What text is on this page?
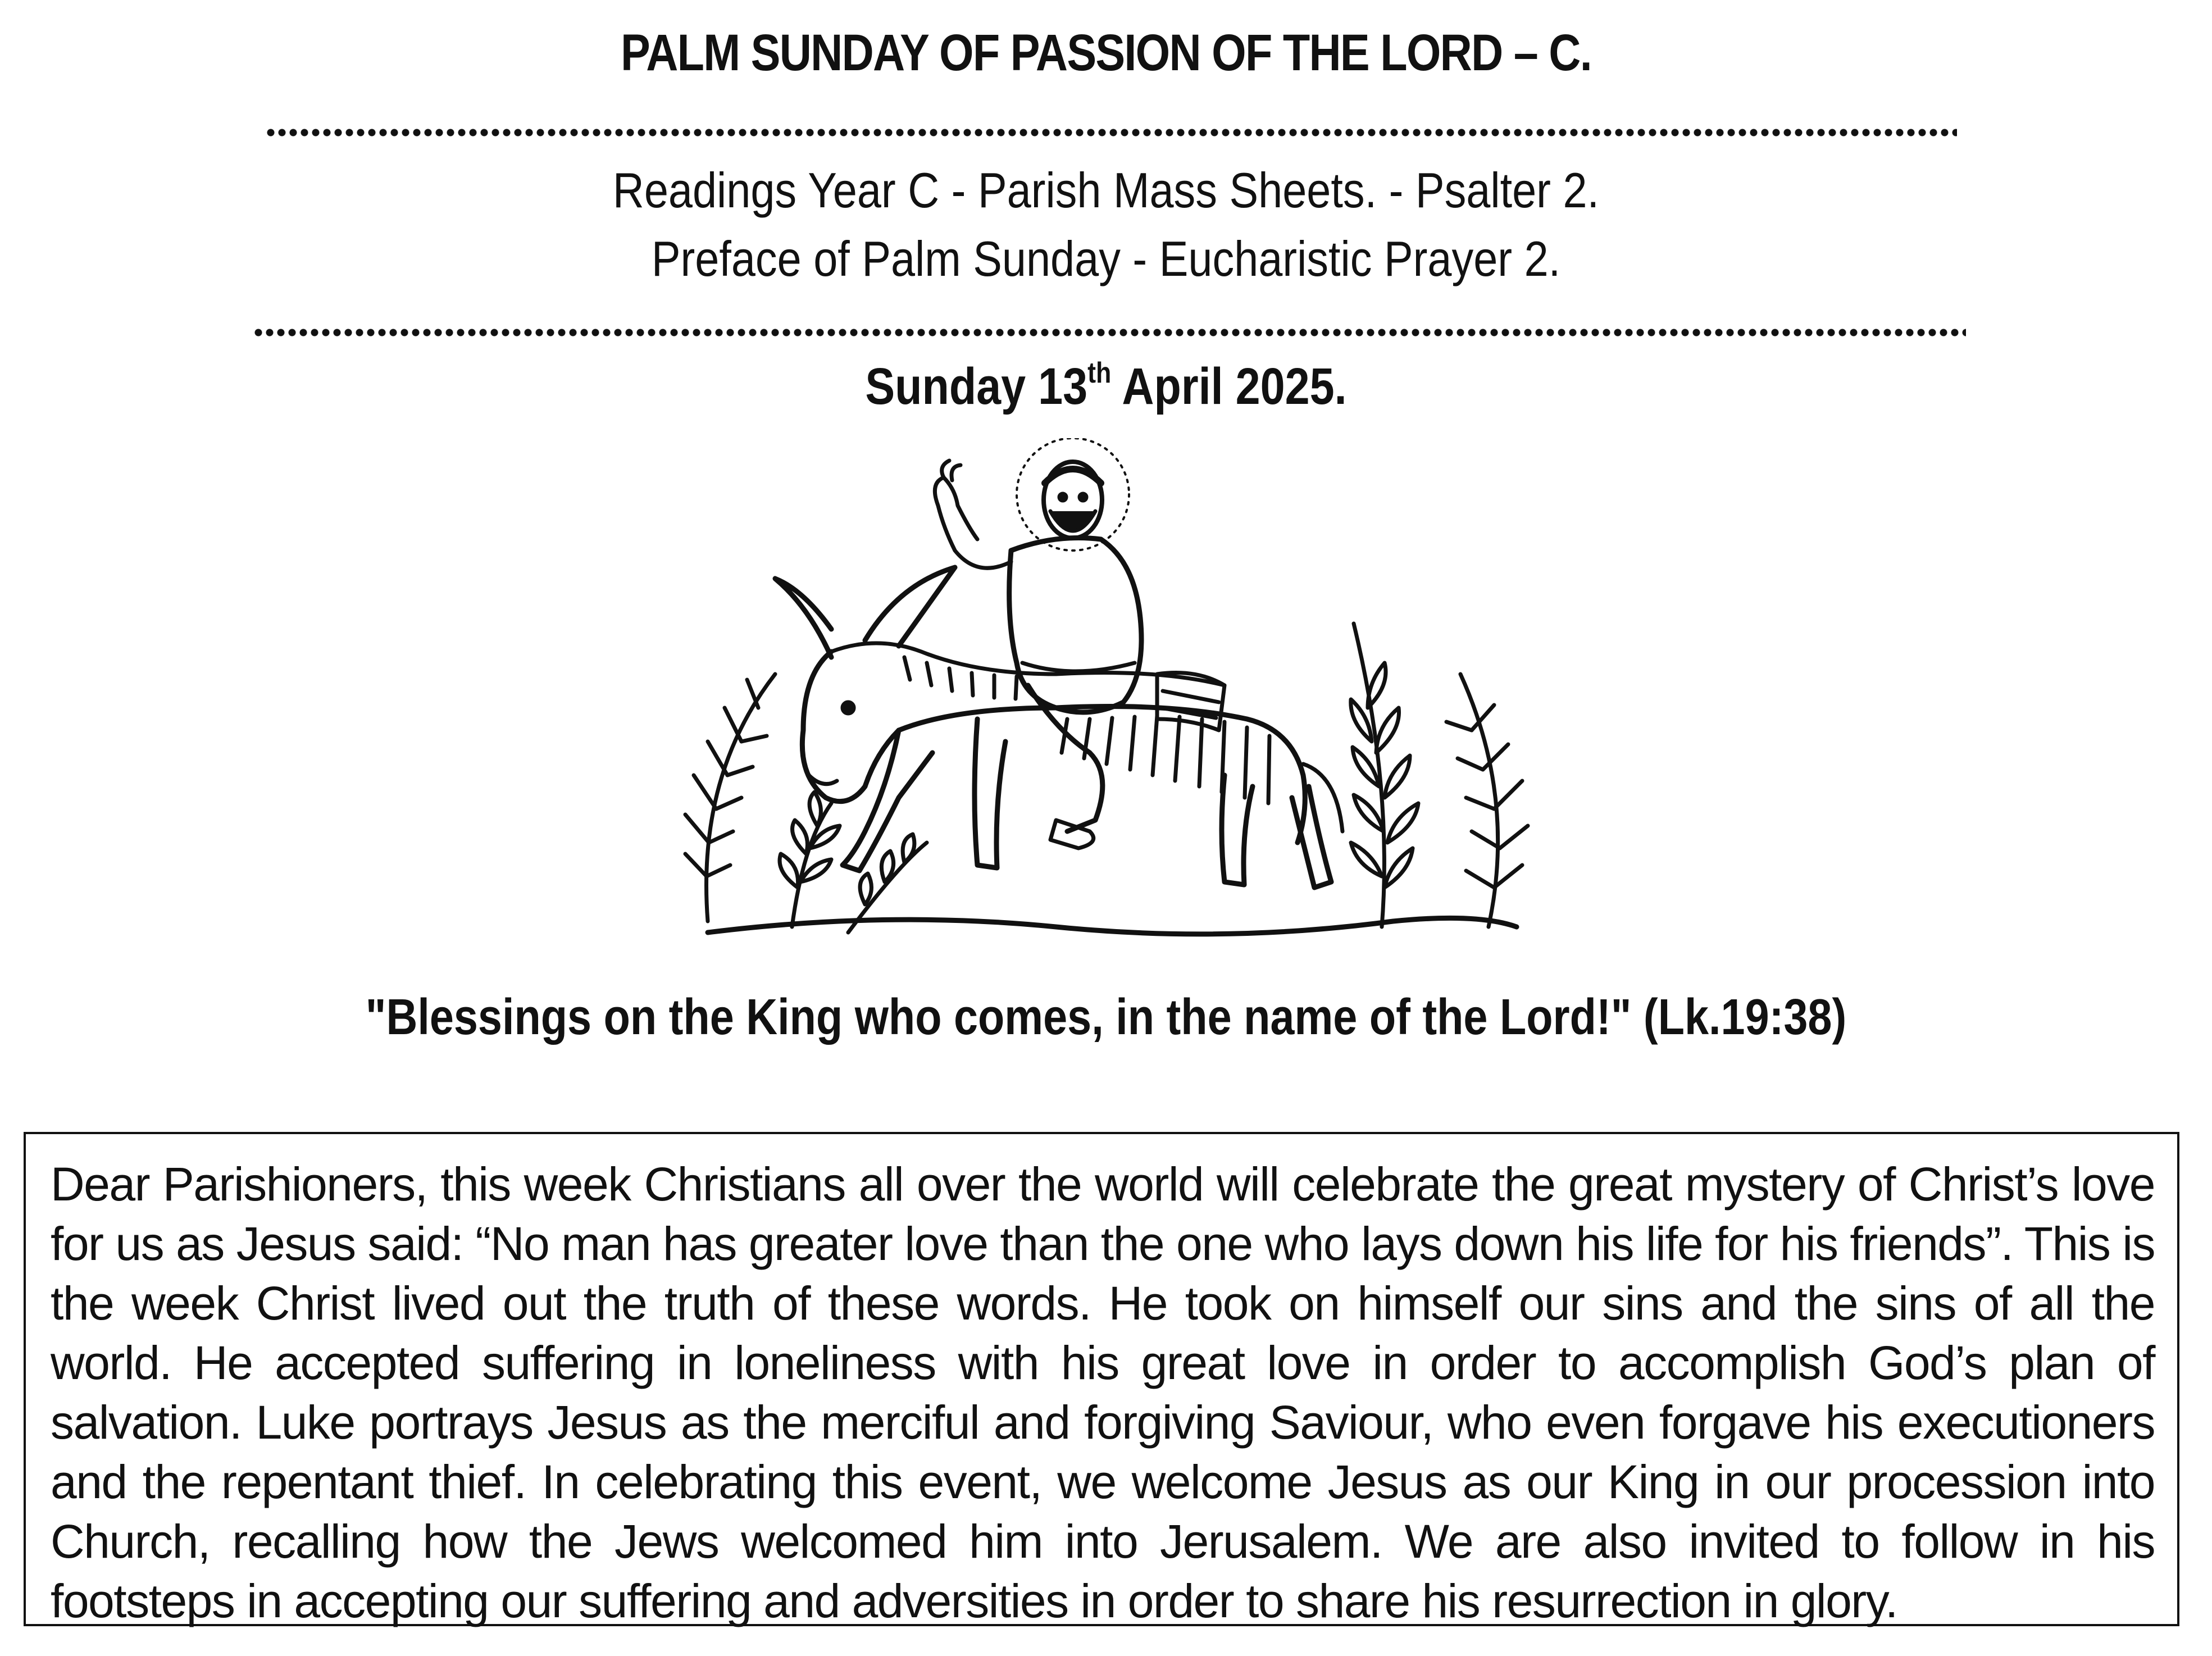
PALM SUNDAY OF PASSION OF THE LORD – C.
Readings Year C - Parish Mass Sheets. - Psalter 2.
Preface of Palm Sunday - Eucharistic Prayer 2.
Sunday 13th April 2025.
"Blessings on the King who comes, in the name of the Lord!" (Lk.19:38)
Dear Parishioners, this week Christians all over the world will celebrate the great mystery of Christ’s love for us as Jesus said: “No man has greater love than the one who lays down his life for his friends”. This is the week Christ lived out the truth of these words. He took on himself our sins and the sins of all the world. He accepted suffering in loneliness with his great love in order to accomplish God’s plan of salvation. Luke portrays Jesus as the merciful and forgiving Saviour, who even forgave his executioners and the repentant thief. In celebrating this event, we welcome Jesus as our King in our procession into Church, recalling how the Jews welcomed him into Jerusalem. We are also invited to follow in his footsteps in accepting our suffering and adversities in order to share his resurrection in glory.
